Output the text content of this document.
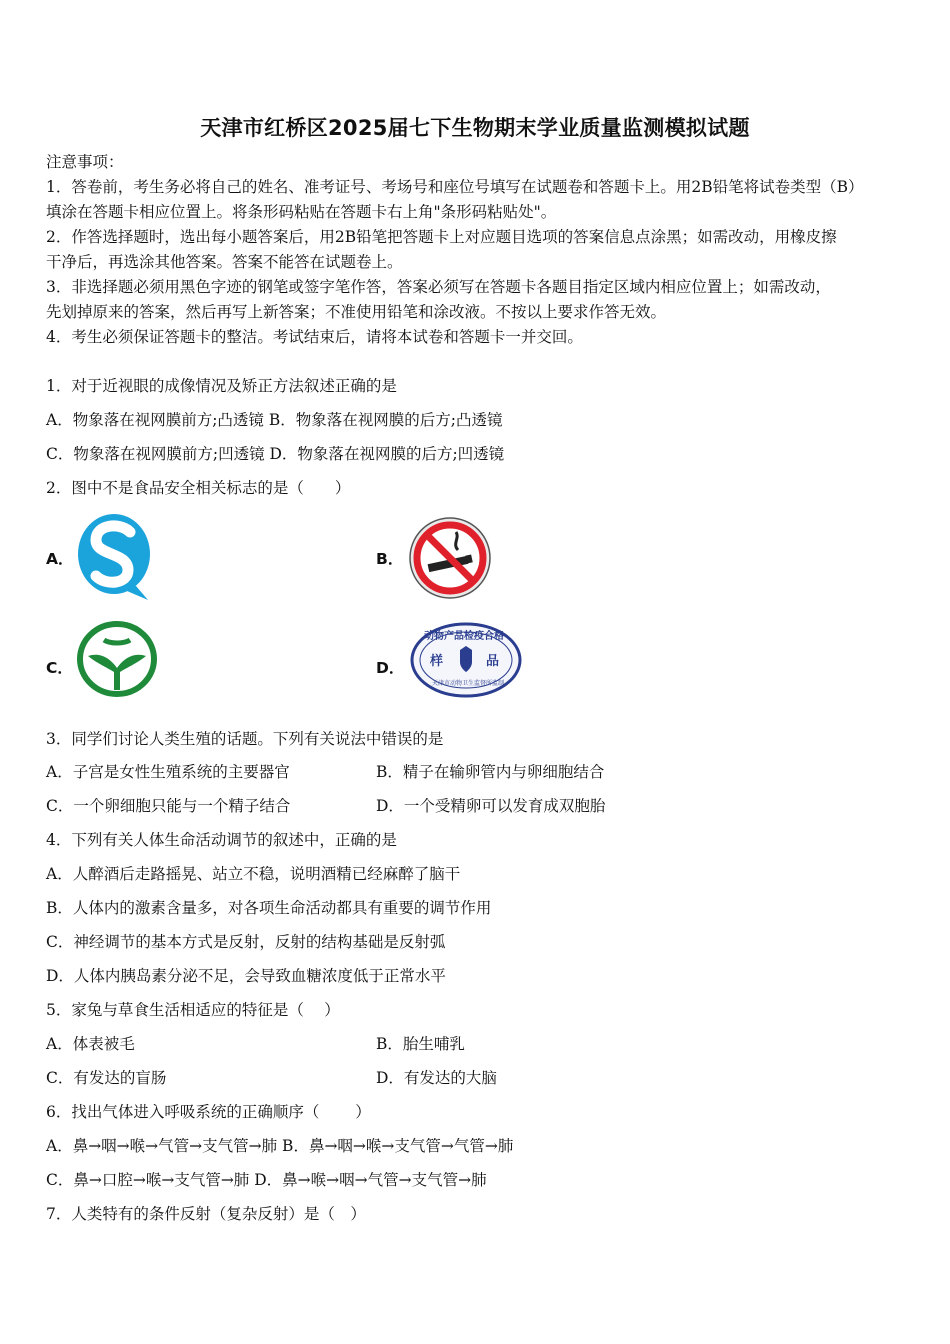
天津市红桥区2025届七下生物期末学业质量监测模拟试题
注意事项：
1．答卷前，考生务必将自己的姓名、准考证号、考场号和座位号填写在试题卷和答题卡上。用2B铅笔将试卷类型（B）
填涂在答题卡相应位置上。将条形码粘贴在答题卡右上角"条形码粘贴处"。
2．作答选择题时，选出每小题答案后，用2B铅笔把答题卡上对应题目选项的答案信息点涂黑；如需改动，用橡皮擦
干净后，再选涂其他答案。答案不能答在试题卷上。
3．非选择题必须用黑色字迹的钢笔或签字笔作答，答案必须写在答题卡各题目指定区域内相应位置上；如需改动，
先划掉原来的答案，然后再写上新答案；不准使用铅笔和涂改液。不按以上要求作答无效。
4．考生必须保证答题卡的整洁。考试结束后，请将本试卷和答题卡一并交回。
1．对于近视眼的成像情况及矫正方法叙述正确的是
A．物象落在视网膜前方;凸透镜 B．物象落在视网膜的后方;凸透镜
C．物象落在视网膜前方;凹透镜 D．物象落在视网膜的后方;凹透镜
2．图中不是食品安全相关标志的是（　　）
A．	B．
C．	D．
动物产品检疫合格
样	品
天津市动物卫生监督所监制
3．同学们讨论人类生殖的话题。下列有关说法中错误的是
A．子宫是女性生殖系统的主要器官	B．精子在输卵管内与卵细胞结合
C．一个卵细胞只能与一个精子结合	D．一个受精卵可以发育成双胞胎
4．下列有关人体生命活动调节的叙述中，正确的是
A．人醉酒后走路摇晃、站立不稳，说明酒精已经麻醉了脑干
B．人体内的激素含量多，对各项生命活动都具有重要的调节作用
C．神经调节的基本方式是反射，反射的结构基础是反射弧
D．人体内胰岛素分泌不足，会导致血糖浓度低于正常水平
5．家兔与草食生活相适应的特征是（　 ）
A．体表被毛	B．胎生哺乳
C．有发达的盲肠	D．有发达的大脑
6．找出气体进入呼吸系统的正确顺序（　　 ）
A．鼻→咽→喉→气管→支气管→肺 B．鼻→咽→喉→支气管→气管→肺
C．鼻→口腔→喉→支气管→肺 D．鼻→喉→咽→气管→支气管→肺
7．人类特有的条件反射（复杂反射）是（　）
